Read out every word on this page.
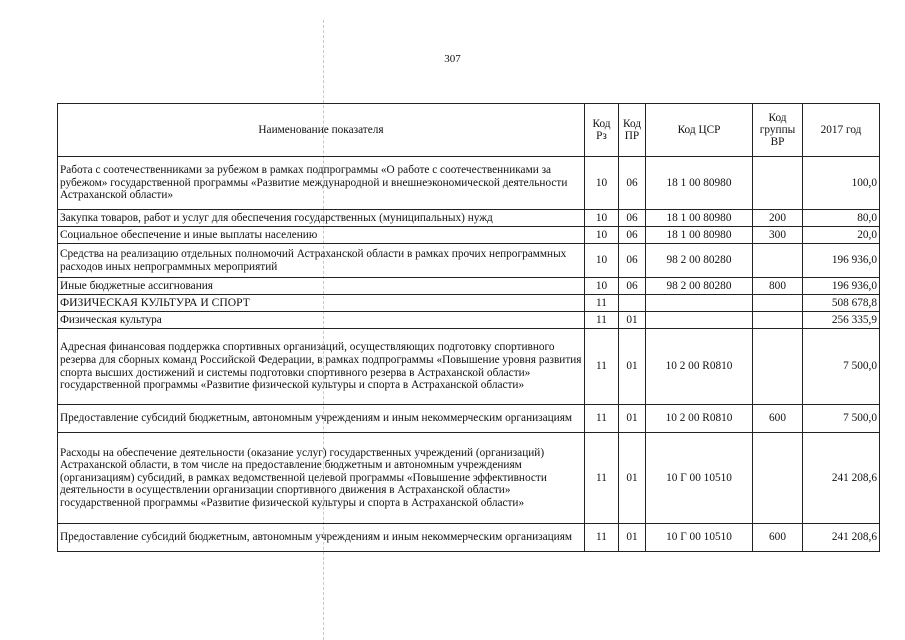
307
Наименование показателя	Код Рз	Код ПР	Код ЦСР	Код группы ВР	2017 год
Работа с соотечественниками за рубежом в рамках подпрограммы «О работе с соотечественниками за рубежом» государственной программы «Развитие международной и внешнеэкономической деятельности Астраханской области»	10	06	18 1 00 80980		100,0
Закупка товаров, работ и услуг для обеспечения государственных (муниципальных) нужд	10	06	18 1 00 80980	200	80,0
Социальное обеспечение и иные выплаты населению	10	06	18 1 00 80980	300	20,0
Средства на реализацию отдельных полномочий Астраханской области в рамках прочих непрограммных расходов иных непрограммных мероприятий	10	06	98 2 00 80280		196 936,0
Иные бюджетные ассигнования	10	06	98 2 00 80280	800	196 936,0
ФИЗИЧЕСКАЯ КУЛЬТУРА И СПОРТ	11				508 678,8
Физическая культура	11	01			256 335,9
Адресная финансовая поддержка спортивных организаций, осуществляющих подготовку спортивного резерва для сборных команд Российской Федерации, в рамках подпрограммы «Повышение уровня развития спорта высших достижений и системы подготовки спортивного резерва в Астраханской области» государственной программы «Развитие физической культуры и спорта в Астраханской области»	11	01	10 2 00 R0810		7 500,0
Предоставление субсидий бюджетным, автономным учреждениям и иным некоммерческим организациям	11	01	10 2 00 R0810	600	7 500,0
Расходы на обеспечение деятельности (оказание услуг) государственных учреждений (организаций) Астраханской области, в том числе на предоставление бюджетным и автономным учреждениям (организациям) субсидий, в рамках ведомственной целевой программы «Повышение эффективности деятельности в осуществлении организации спортивного движения в Астраханской области» государственной программы «Развитие физической культуры и спорта в Астраханской области»	11	01	10 Г 00 10510		241 208,6
Предоставление субсидий бюджетным, автономным учреждениям и иным некоммерческим организациям	11	01	10 Г 00 10510	600	241 208,6
